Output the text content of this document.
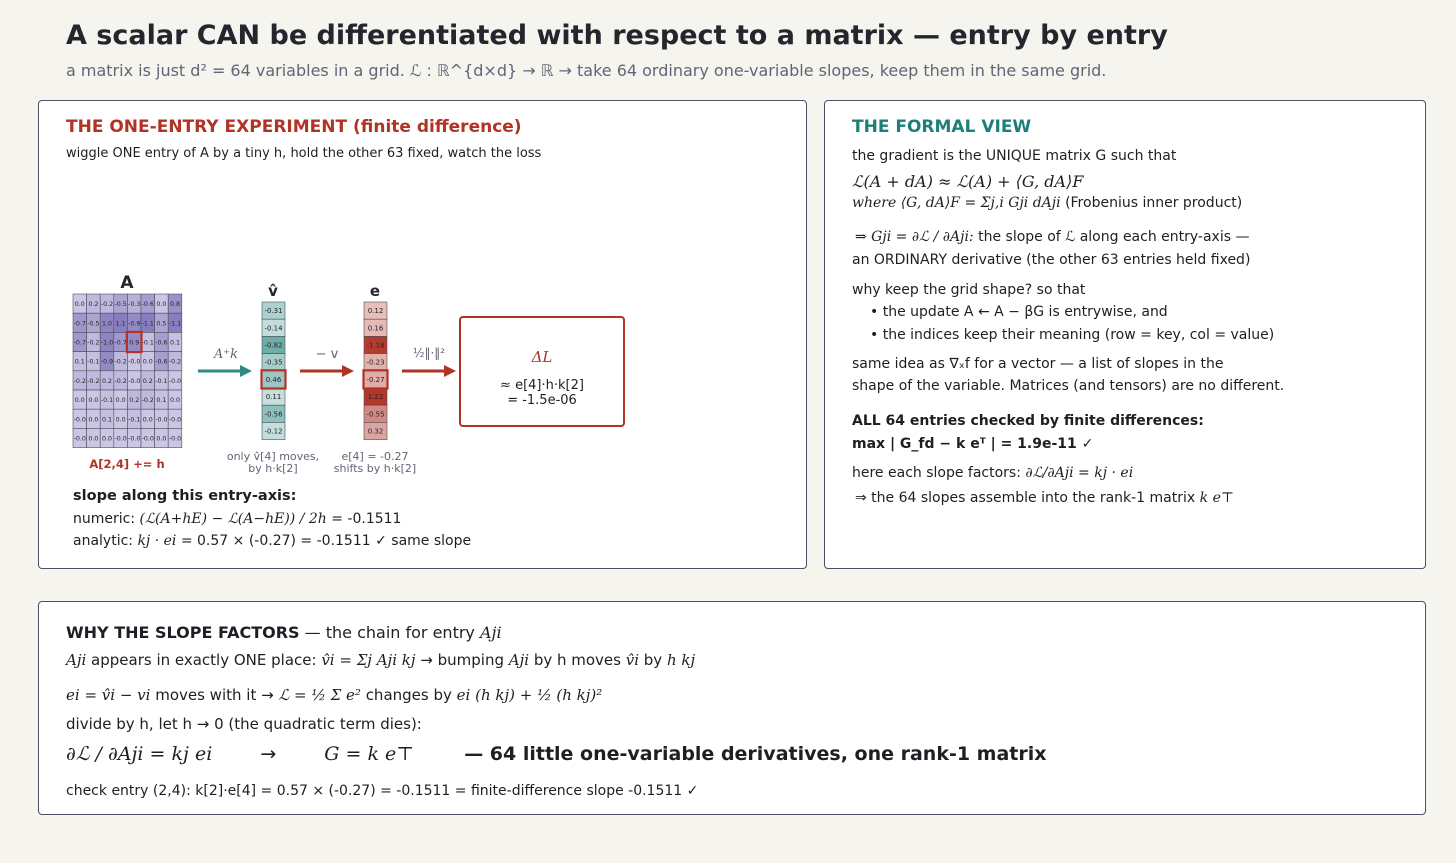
A scalar CAN be differentiated with respect to a matrix — entry by entry
a matrix is just d² = 64 variables in a grid. ℒ : ℝ^{d×d} → ℝ → take 64 ordinary one-variable slopes, keep them in the same grid.
THE ONE-ENTRY EXPERIMENT (finite difference)
wiggle ONE entry of A by a tiny h, hold the other 63 fixed, watch the loss
0.0 0.2 -0.2 -0.5 -0.3 -0.6 0.0 0.8
-0.7 -0.5 1.0 1.1 -0.9 -1.1 0.5 -1.1
-0.7 -0.2 -1.0 -0.7 0.9 -0.1 -0.6 0.1
0.1 -0.1 -0.9 -0.2 -0.0 0.0 -0.6 -0.2
-0.2 -0.2 0.2 -0.2 -0.0 0.2 -0.1 -0.0
0.0 0.0 -0.1 0.0 0.2 -0.2 0.1 0.0
-0.0 0.0 0.1 0.0 -0.1 0.0 -0.0 -0.0
-0.0 0.0 0.0 -0.0 -0.0 -0.0 0.0 -0.0
-0.31
-0.14
-0.82
-0.35
0.46
0.11
-0.56
-0.12
0.12
0.16
-1.18
-0.23
-0.27
1.22
-0.55
0.32
A
A[2,4] += h
v̂	e
only v̂[4] moves,
by h·k[2]
e[4] = -0.27
shifts by h·k[2]
A⁺k	− v	½‖·‖²	ΔL
≈ e[4]·h·k[2]
= -1.5e-06
slope along this entry-axis:
numeric: (ℒ(A+hE) − ℒ(A−hE)) / 2h = -0.1511
analytic: kj · ei = 0.57 × (-0.27) = -0.1511 ✓ same slope
THE FORMAL VIEW
the gradient is the UNIQUE matrix G such that
ℒ(A + dA) ≈ ℒ(A) + ⟨G, dA⟩F
where ⟨G, dA⟩F = Σj,i Gji dAji (Frobenius inner product)
⇒ Gji = ∂ℒ / ∂Aji: the slope of ℒ along each entry-axis —
an ORDINARY derivative (the other 63 entries held fixed)
why keep the grid shape? so that
• the update A ← A − βG is entrywise, and
• the indices keep their meaning (row = key, col = value)
same idea as ∇ₓf for a vector — a list of slopes in the
shape of the variable. Matrices (and tensors) are no different.
ALL 64 entries checked by finite differences:
max | G_fd − k eᵀ | = 1.9e-11 ✓
here each slope factors: ∂ℒ/∂Aji = kj · ei
⇒ the 64 slopes assemble into the rank-1 matrix k e⊤
WHY THE SLOPE FACTORS — the chain for entry Aji
Aji appears in exactly ONE place: v̂i = Σj Aji kj → bumping Aji by h moves v̂i by h kj
ei = v̂i − vi moves with it → ℒ = ½ Σ e² changes by ei (h kj) + ½ (h kj)²
divide by h, let h → 0 (the quadratic term dies):
∂ℒ / ∂Aji = kj ei	→	G = k e⊤	— 64 little one-variable derivatives, one rank-1 matrix
check entry (2,4): k[2]·e[4] = 0.57 × (-0.27) = -0.1511 = finite-difference slope -0.1511 ✓
